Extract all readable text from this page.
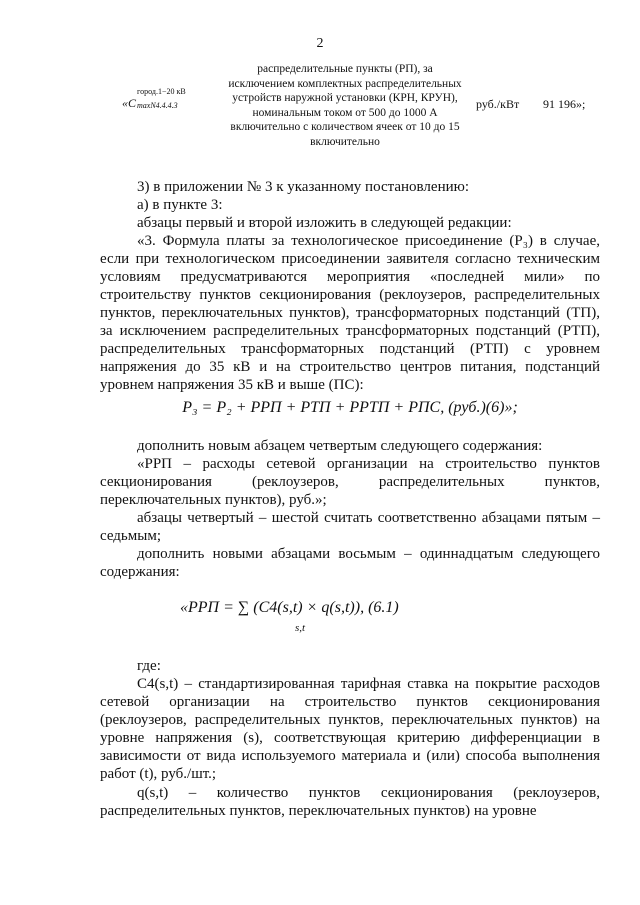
2
«C
город.1−20 кВ
maxN4.4.4.3
распределительные пункты (РП), за исключением комплектных распределительных устройств наружной установки (КРН, КРУН), номинальным током от 500 до 1000 А включительно с количеством ячеек от 10 до 15 включительно
руб./кВт 91 196»;
3) в приложении № 3 к указанному постановлению:
а) в пункте 3:
абзацы первый и второй изложить в следующей редакции:
«3. Формула платы за технологическое присоединение (P₃) в случае, если при технологическом присоединении заявителя согласно техническим условиям предусматриваются мероприятия «последней мили» по строительству пунктов секционирования (реклоузеров, распределительных пунктов, переключательных пунктов), трансформаторных подстанций (ТП), за исключением распределительных трансформаторных подстанций (РТП), распределительных трансформаторных подстанций (РТП) с уровнем напряжения до 35 кВ и на строительство центров питания, подстанций уровнем напряжения 35 кВ и выше (ПС):
P₃ = P₂ + PРП + PТП + PРТП + PПС, (руб.)(6)»;
дополнить новым абзацем четвертым следующего содержания:
«PРП – расходы сетевой организации на строительство пунктов секционирования (реклоузеров, распределительных пунктов, переключательных пунктов), руб.»;
абзацы четвертый – шестой считать соответственно абзацами пятым – седьмым;
дополнить новыми абзацами восьмым – одиннадцатым следующего содержания:
«PРП = ∑ (C4(s,t) × q(s,t)), (6.1)
s,t
где:
C4(s,t) – стандартизированная тарифная ставка на покрытие расходов сетевой организации на строительство пунктов секционирования (реклоузеров, распределительных пунктов, переключательных пунктов) на уровне напряжения (s), соответствующая критерию дифференциации в зависимости от вида используемого материала и (или) способа выполнения работ (t), руб./шт.;
q(s,t) – количество пунктов секционирования (реклоузеров, распределительных пунктов, переключательных пунктов) на уровне
